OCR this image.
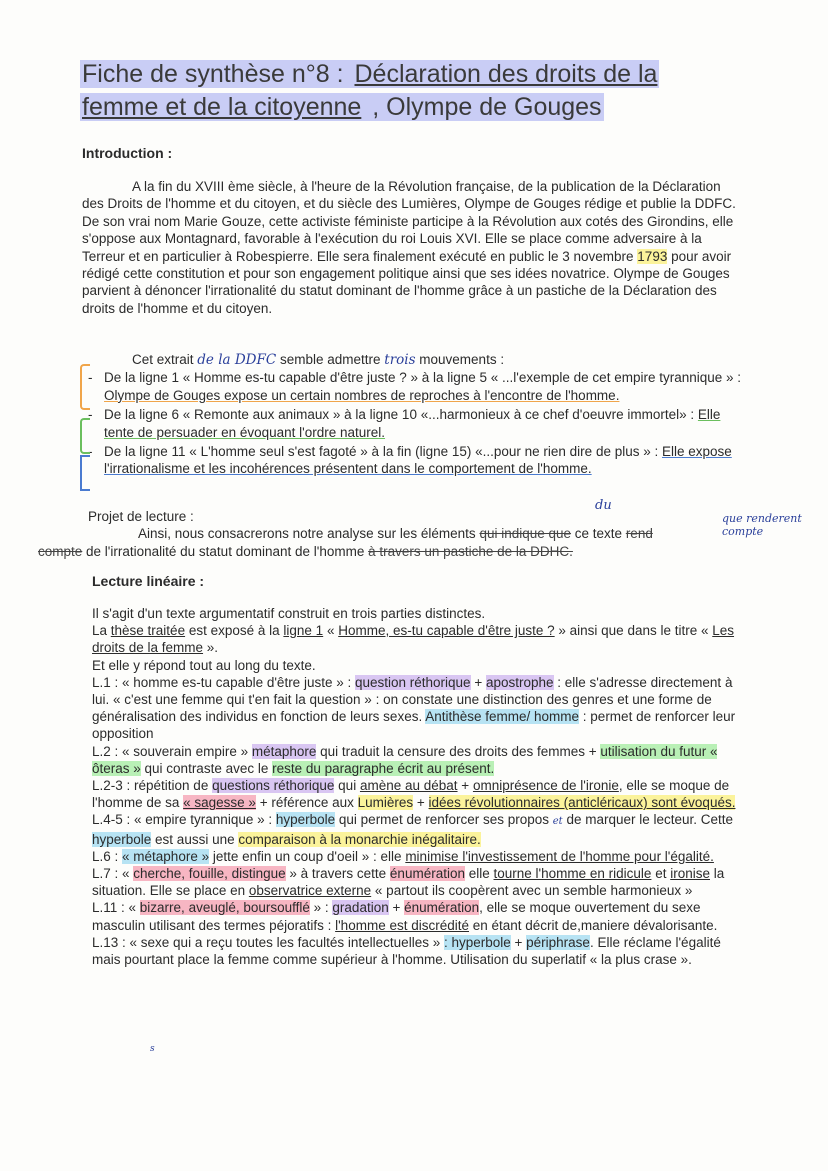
Fiche de synthèse n°8 : Déclaration des droits de la
femme et de la citoyenne , Olympe de Gouges
Introduction :
A la fin du XVIII ème siècle, à l'heure de la Révolution française, de la publication de la Déclaration des Droits de l'homme et du citoyen, et du siècle des Lumières, Olympe de Gouges rédige et publie la DDFC. De son vrai nom Marie Gouze, cette activiste féministe participe à la Révolution aux cotés des Girondins, elle s'oppose aux Montagnard, favorable à l'exécution du roi Louis XVI. Elle se place comme adversaire à la Terreur et en particulier à Robespierre. Elle sera finalement exécuté en public le 3 novembre 1793 pour avoir rédigé cette constitution et pour son engagement politique ainsi que ses idées novatrice. Olympe de Gouges parvient à dénoncer l'irrationalité du statut dominant de l'homme grâce à un pastiche de la Déclaration des droits de l'homme et du citoyen.
Cet extrait de la DDFC semble admettre trois mouvements :
- De la ligne 1 « Homme es-tu capable d'être juste ? » à la ligne 5 « ...l'exemple de cet empire tyrannique » : Olympe de Gouges expose un certain nombres de reproches à l'encontre de l'homme.
- De la ligne 6 « Remonte aux animaux » à la ligne 10 «...harmonieux à ce chef d'oeuvre immortel» : Elle tente de persuader en évoquant l'ordre naturel.
- De la ligne 11 « L'homme seul s'est fagoté » à la fin (ligne 15) «...pour ne rien dire de plus » : Elle expose l'irrationalisme et les incohérences présentent dans le comportement de l'homme.
Projet de lecture :
Ainsi, nous consacrerons notre analyse sur les éléments qui indique que ce texte rend
compte de l'irrationalité du statut dominant de l'homme à travers un pastiche de la DDHC.
du
que renderent compte
Lecture linéaire :

Il s'agit d'un texte argumentatif construit en trois parties distinctes.

La thèse traitée est exposé à la ligne 1 « Homme, es-tu capable d'être juste ? » ainsi que dans le titre « Les droits de la femme ».

Et elle y répond tout au long du texte.

L.1 : « homme es-tu capable d'être juste » : question réthorique + apostrophe : elle s'adresse directement à lui. « c'est une femme qui t'en fait la question » : on constate une distinction des genres et une forme de généralisation des individus en fonction de leurs sexes. Antithèse femme/ homme : permet de renforcer leur opposition

L.2 : « souverain empire » métaphore qui traduit la censure des droits des femmes + utilisation du futur « ôteras » qui contraste avec le reste du paragraphe écrit au présent.

L.2-3 : répétition de questions réthorique qui amène au débat + omniprésence de l'ironie, elle se moque de l'homme de sa « sagesse » + référence aux Lumières + idées révolutionnaires (anticléricaux) sont évoqués.

L.4-5 : « empire tyrannique » : hyperbole qui permet de renforcer ses propos et de marquer le lecteur. Cette hyperbole est aussi une comparaison à la monarchie inégalitaire.

L.6 : « métaphore » jette enfin un coup d'oeil » : elle minimise l'investissement de l'homme pour l'égalité.

L.7 : « cherche, fouille, distingue » à travers cette énumération elle tourne l'homme en ridicule et ironise la situation. Elle se place en observatrice externe « partout ils coopèrent avec un semble harmonieux »

L.11 : « bizarre, aveuglé, boursoufflé » : gradation + énumération, elle se moque ouvertement du sexe masculin utilisant des termes péjoratifs : l'homme est discrédité en étant décrit de,maniere dévalorisante.

L.13 : « sexe qui a reçu toutes les facultés intellectuelles » : hyperbole + périphrase. Elle réclame l'égalité mais pourtant place la femme comme supérieur à l'homme. Utilisation du superlatif « la plus crase ».

s
